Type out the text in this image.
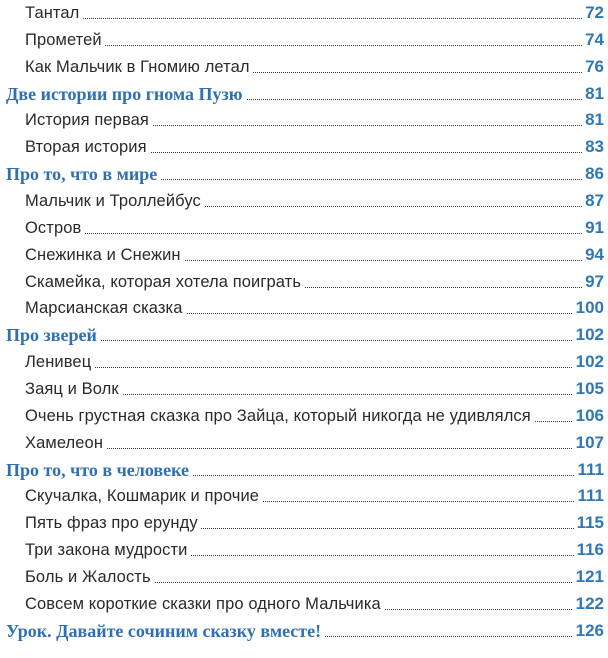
Тантал	72
Прометей	74
Как Мальчик в Гномию летал	76
Две истории про гнома Пузю	81
История первая	81
Вторая история	83
Про то, что в мире	86
Мальчик и Троллейбус	87
Остров	91
Снежинка и Снежин	94
Скамейка, которая хотела поиграть	97
Марсианская сказка	100
Про зверей	102
Ленивец	102
Заяц и Волк	105
Очень грустная сказка про Зайца, который никогда не удивлялся	106
Хамелеон	107
Про то, что в человеке	111
Скучалка, Кошмарик и прочие	111
Пять фраз про ерунду	115
Три закона мудрости	116
Боль и Жалость	121
Совсем короткие сказки про одного Мальчика	122
Урок. Давайте сочиним сказку вместе!	126
